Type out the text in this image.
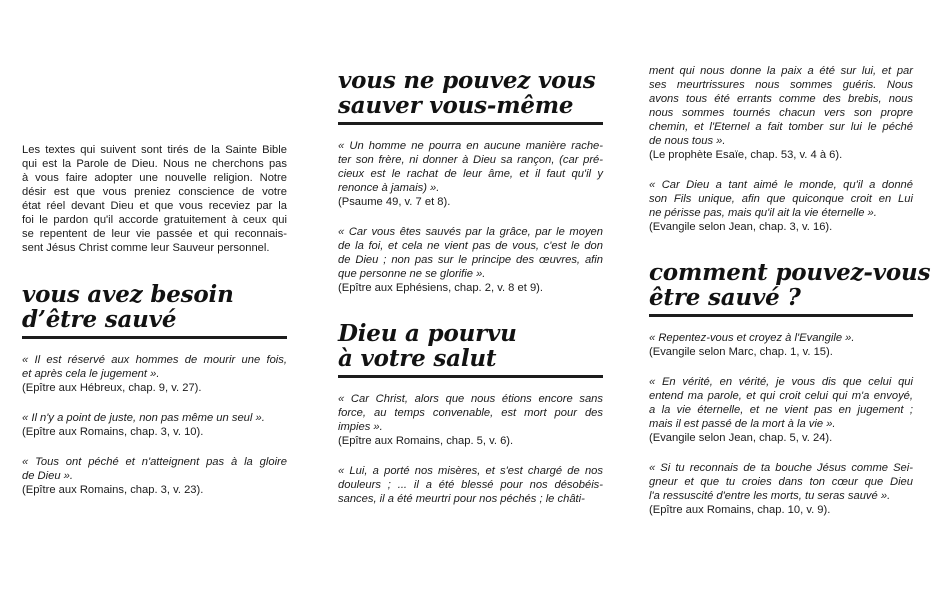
Les textes qui suivent sont tirés de la Sainte Bible
qui est la Parole de Dieu. Nous ne cherchons pas
à vous faire adopter une nouvelle religion. Notre
désir est que vous preniez conscience de votre
état réel devant Dieu et que vous receviez par la
foi le pardon qu'il accorde gratuitement à ceux qui
se repentent de leur vie passée et qui reconnais-
sent Jésus Christ comme leur Sauveur personnel.
vous avez besoin
d’être sauvé
« Il est réservé aux hommes de mourir une fois,
et après cela le jugement ».
(Epître aux Hébreux, chap. 9, v. 27).
« Il n'y a point de juste, non pas même un seul ».
(Epître aux Romains, chap. 3, v. 10).
« Tous ont péché et n'atteignent pas à la gloire
de Dieu ».
(Epître aux Romains, chap. 3, v. 23).
vous ne pouvez vous
sauver vous-même
« Un homme ne pourra en aucune manière rache-
ter son frère, ni donner à Dieu sa rançon, (car pré-
cieux est le rachat de leur âme, et il faut qu'il y
renonce à jamais) ».
(Psaume 49, v. 7 et 8).
« Car vous êtes sauvés par la grâce, par le moyen
de la foi, et cela ne vient pas de vous, c'est le don
de Dieu ; non pas sur le principe des œuvres, afin
que personne ne se glorifie ».
(Epître aux Ephésiens, chap. 2, v. 8 et 9).
Dieu a pourvu
à votre salut
« Car Christ, alors que nous étions encore sans
force, au temps convenable, est mort pour des
impies ».
(Epître aux Romains, chap. 5, v. 6).
« Lui, a porté nos misères, et s'est chargé de nos
douleurs ; ... il a été blessé pour nos désobéis-
sances, il a été meurtri pour nos péchés ; le châti-
ment qui nous donne la paix a été sur lui, et par
ses meurtrissures nous sommes guéris. Nous
avons tous été errants comme des brebis, nous
nous sommes tournés chacun vers son propre
chemin, et l'Eternel a fait tomber sur lui le péché
de nous tous ».
(Le prophète Esaïe, chap. 53, v. 4 à 6).
« Car Dieu a tant aimé le monde, qu'il a donné
son Fils unique, afin que quiconque croit en Lui
ne périsse pas, mais qu'il ait la vie éternelle ».
(Evangile selon Jean, chap. 3, v. 16).
comment pouvez-vous
être sauvé ?
« Repentez-vous et croyez à l'Evangile ».
(Evangile selon Marc, chap. 1, v. 15).
« En vérité, en vérité, je vous dis que celui qui
entend ma parole, et qui croit celui qui m'a envoyé,
a la vie éternelle, et ne vient pas en jugement ;
mais il est passé de la mort à la vie ».
(Evangile selon Jean, chap. 5, v. 24).
« Si tu reconnais de ta bouche Jésus comme Sei-
gneur et que tu croies dans ton cœur que Dieu
l'a ressuscité d'entre les morts, tu seras sauvé ».
(Epître aux Romains, chap. 10, v. 9).
